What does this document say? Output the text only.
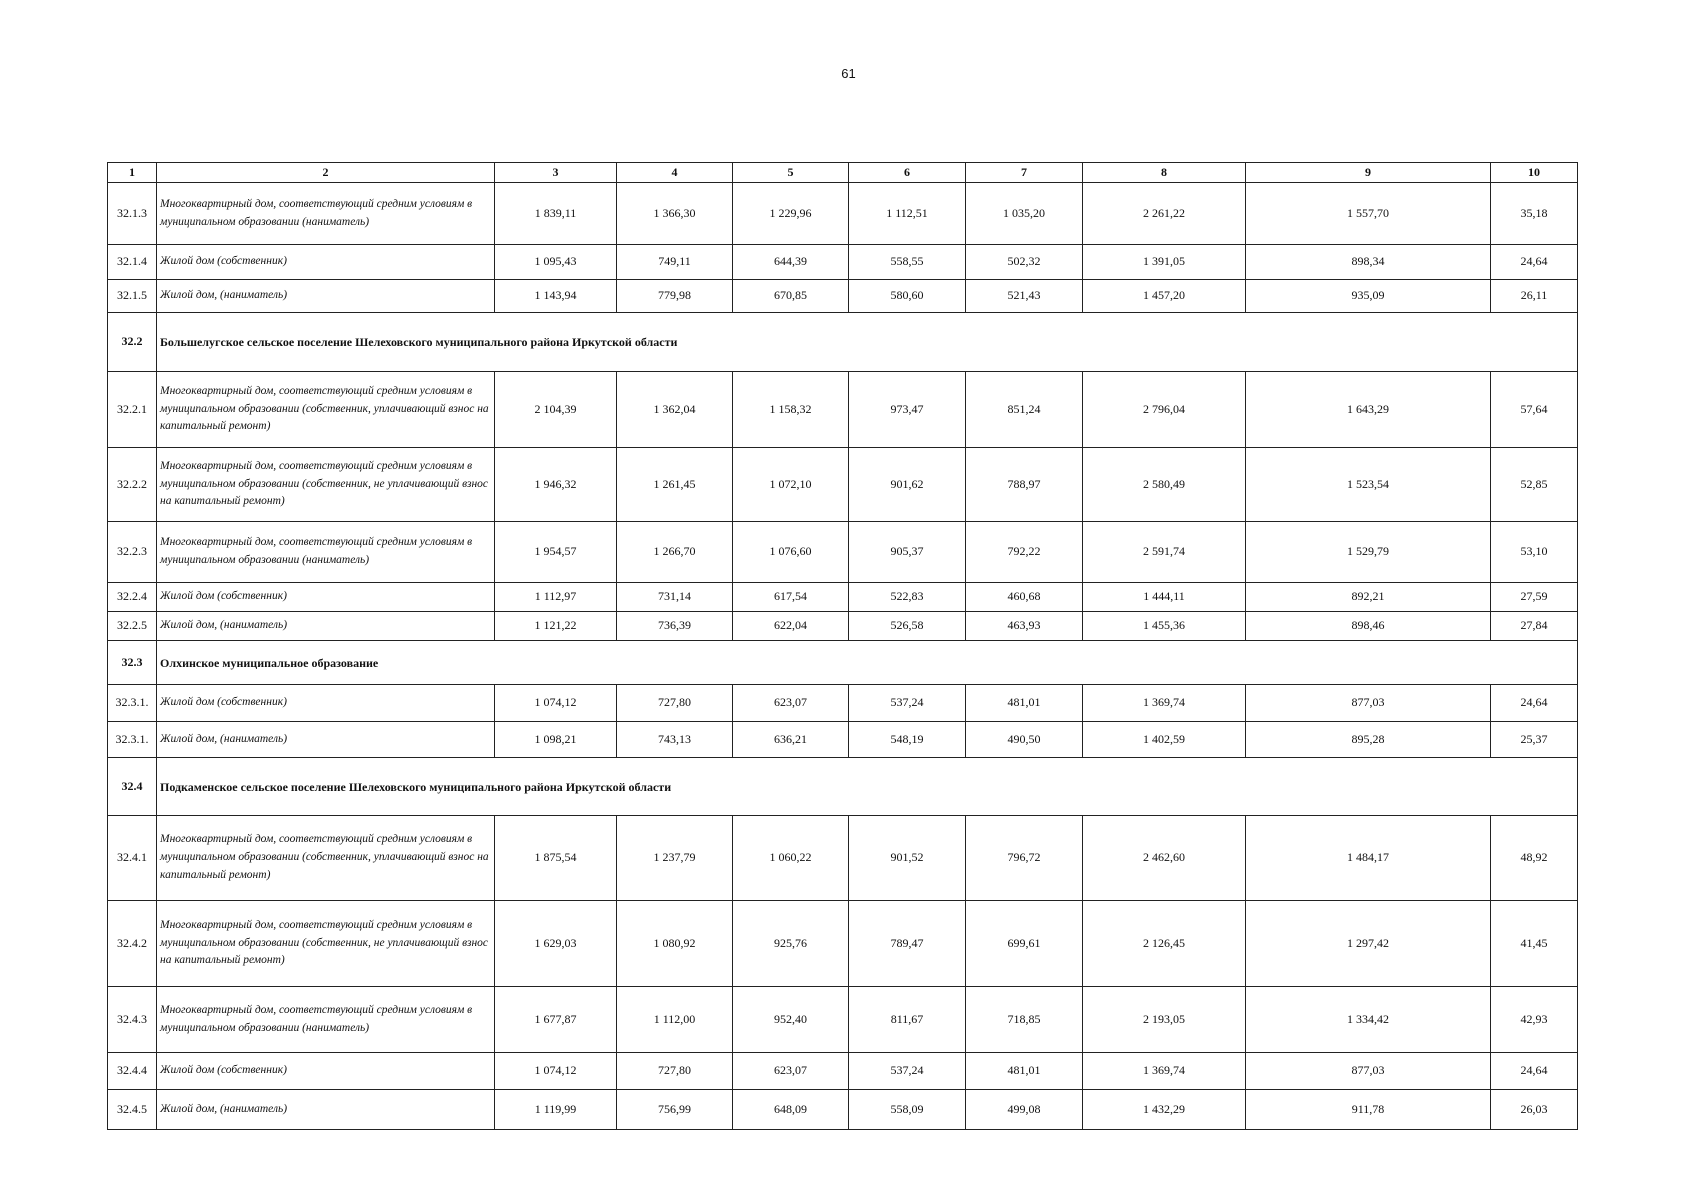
61
1	2	3	4	5	6	7	8	9	10
32.1.3	Многоквартирный дом, соответствующий средним условиям в муниципальном образовании (наниматель)	1 839,11	1 366,30	1 229,96	1 112,51	1 035,20	2 261,22	1 557,70	35,18
32.1.4	Жилой дом (собственник)	1 095,43	749,11	644,39	558,55	502,32	1 391,05	898,34	24,64
32.1.5	Жилой дом, (наниматель)	1 143,94	779,98	670,85	580,60	521,43	1 457,20	935,09	26,11
32.2	Большелугское сельское поселение Шелеховского муниципального района Иркутской области								
32.2.1	Многоквартирный дом, соответствующий средним условиям в муниципальном образовании (собственник, уплачивающий взнос на капитальный ремонт)	2 104,39	1 362,04	1 158,32	973,47	851,24	2 796,04	1 643,29	57,64
32.2.2	Многоквартирный дом, соответствующий средним условиям в муниципальном образовании (собственник, не уплачивающий взнос на капитальный ремонт)	1 946,32	1 261,45	1 072,10	901,62	788,97	2 580,49	1 523,54	52,85
32.2.3	Многоквартирный дом, соответствующий средним условиям в муниципальном образовании (наниматель)	1 954,57	1 266,70	1 076,60	905,37	792,22	2 591,74	1 529,79	53,10
32.2.4	Жилой дом (собственник)	1 112,97	731,14	617,54	522,83	460,68	1 444,11	892,21	27,59
32.2.5	Жилой дом, (наниматель)	1 121,22	736,39	622,04	526,58	463,93	1 455,36	898,46	27,84
32.3	Олхинское муниципальное образование								
32.3.1.	Жилой дом (собственник)	1 074,12	727,80	623,07	537,24	481,01	1 369,74	877,03	24,64
32.3.1.	Жилой дом, (наниматель)	1 098,21	743,13	636,21	548,19	490,50	1 402,59	895,28	25,37
32.4	Подкаменское сельское поселение Шелеховского муниципального района Иркутской области								
32.4.1	Многоквартирный дом, соответствующий средним условиям в муниципальном образовании (собственник, уплачивающий взнос на капитальный ремонт)	1 875,54	1 237,79	1 060,22	901,52	796,72	2 462,60	1 484,17	48,92
32.4.2	Многоквартирный дом, соответствующий средним условиям в муниципальном образовании (собственник, не уплачивающий взнос на капитальный ремонт)	1 629,03	1 080,92	925,76	789,47	699,61	2 126,45	1 297,42	41,45
32.4.3	Многоквартирный дом, соответствующий средним условиям в муниципальном образовании (наниматель)	1 677,87	1 112,00	952,40	811,67	718,85	2 193,05	1 334,42	42,93
32.4.4	Жилой дом (собственник)	1 074,12	727,80	623,07	537,24	481,01	1 369,74	877,03	24,64
32.4.5	Жилой дом, (наниматель)	1 119,99	756,99	648,09	558,09	499,08	1 432,29	911,78	26,03
